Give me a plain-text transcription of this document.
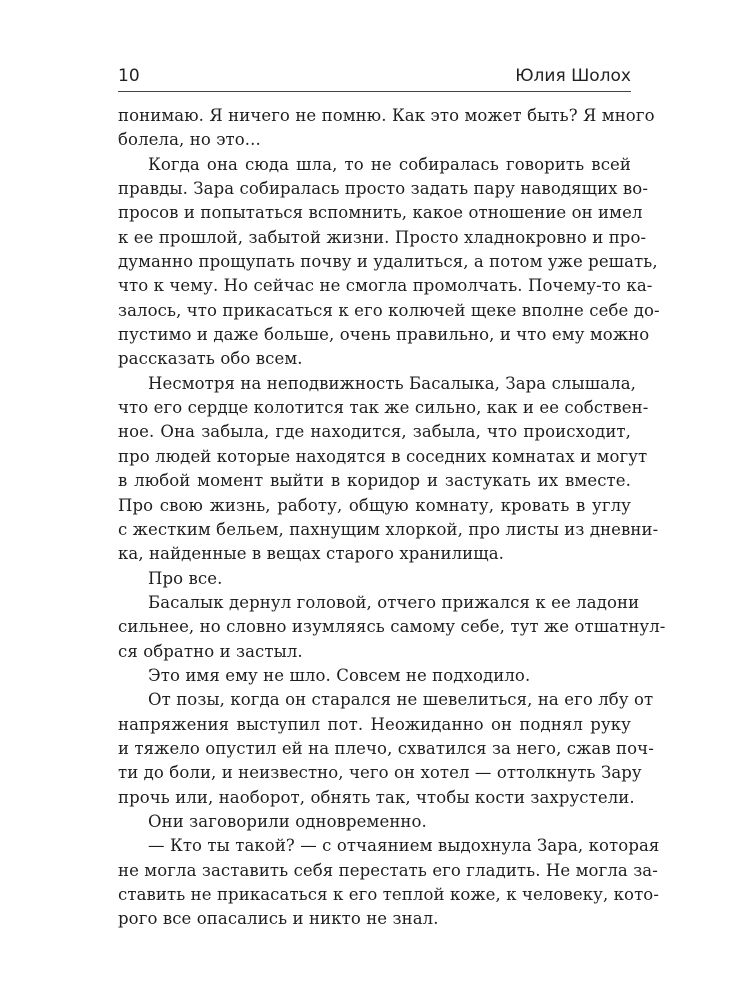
10	Юлия Шолох
понимаю. Я ничего не помню. Как это может быть? Я много
болела, но это...
Когда она сюда шла, то не собиралась говорить всей
правды. Зара собиралась просто задать пару наводящих во-
просов и попытаться вспомнить, какое отношение он имел
к ее прошлой, забытой жизни. Просто хладнокровно и про-
думанно прощупать почву и удалиться, а потом уже решать,
что к чему. Но сейчас не смогла промолчать. Почему-то ка-
залось, что прикасаться к его колючей щеке вполне себе до-
пустимо и даже больше, очень правильно, и что ему можно
рассказать обо всем.
Несмотря на неподвижность Басалыка, Зара слышала,
что его сердце колотится так же сильно, как и ее собствен-
ное. Она забыла, где находится, забыла, что происходит,
про людей которые находятся в соседних комнатах и могут
в любой момент выйти в коридор и застукать их вместе.
Про свою жизнь, работу, общую комнату, кровать в углу
с жестким бельем, пахнущим хлоркой, про листы из дневни-
ка, найденные в вещах старого хранилища.
Про все.
Басалык дернул головой, отчего прижался к ее ладони
сильнее, но словно изумляясь самому себе, тут же отшатнул-
ся обратно и застыл.
Это имя ему не шло. Совсем не подходило.
От позы, когда он старался не шевелиться, на его лбу от
напряжения выступил пот. Неожиданно он поднял руку
и тяжело опустил ей на плечо, схватился за него, сжав поч-
ти до боли, и неизвестно, чего он хотел — оттолкнуть Зару
прочь или, наоборот, обнять так, чтобы кости захрустели.
Они заговорили одновременно.
— Кто ты такой? — с отчаянием выдохнула Зара, которая
не могла заставить себя перестать его гладить. Не могла за-
ставить не прикасаться к его теплой коже, к человеку, кото-
рого все опасались и никто не знал.
